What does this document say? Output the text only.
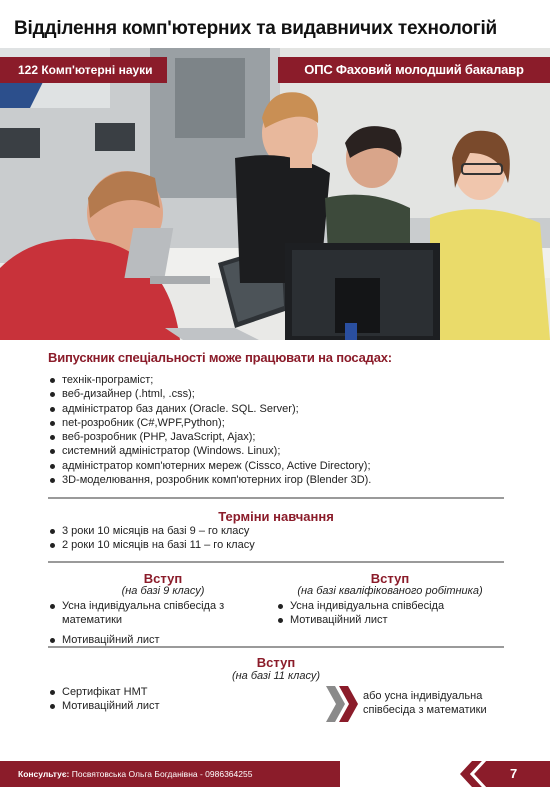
Відділення комп'ютерних та видавничих технологій
122 Комп'ютерні науки	ОПС Фаховий молодший бакалавр
Випускник спеціальності може працювати на посадах:
технік-програміст;
веб-дизайнер (.html, .css);
адміністратор баз даних (Oracle. SQL. Server);
net-розробник (C#,WPF,Python);
веб-розробник (PHP, JavaScript, Ajax);
системний адміністратор (Windows. Linux);
адміністратор комп'ютерних мереж (Cissco, Active Directory);
3D-моделювання, розробник комп'ютерних ігор (Blender 3D).
Терміни навчання
3 роки 10 місяців на базі 9 – го класу
2 роки 10 місяців на базі 11 – го класу
Вступ
(на базі 9 класу)
Усна індивідуальна співбесіда з математики
Мотиваційний лист
Вступ
(на базі кваліфікованого робітника)
Усна індивідуальна співбесіда
Мотиваційний лист
Вступ
(на базі 11 класу)
Сертифікат НМТ
Мотиваційний лист
або усна індивідуальна співбесіда з математики
Консультує: Посвятовська Ольга Богданівна - 0986364255	7
